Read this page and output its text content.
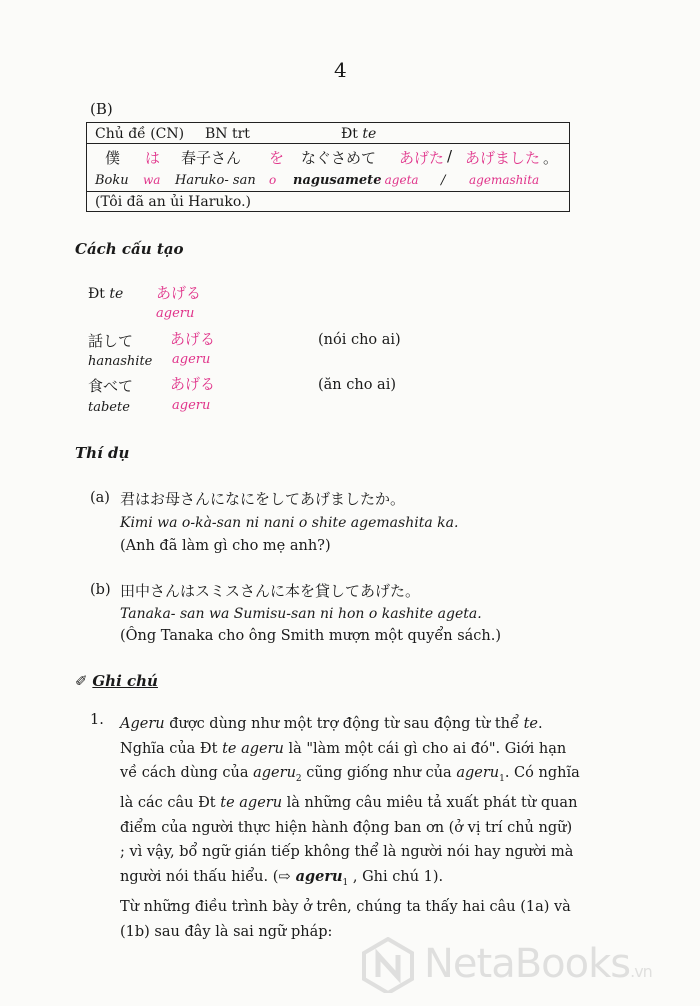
4
(B)
Chủ đề (CN) BN trt	Đt te
僕 は 春子さん を なぐさめて あげた / あげました 。
Boku wa Haruko- san o nagusamete
· ageta / agemashita
(Tôi đã an ủi Haruko.)
Cách cấu tạo
Đt te あげる
ageru
話して あげる	(nói cho ai)
hanashite ageru
食べて あげる	(ăn cho ai)
tabete	ageru
Thí dụ
(a) 君はお母さんになにをしてあげましたか。
Kimi wa o-kà-san ni nani o shite agemashita ka.
(Anh đã làm gì cho mẹ anh?)
(b) 田中さんはスミスさんに本を貸してあげた。
Tanaka- san wa Sumisu-san ni hon o kashite ageta.
(Ông Tanaka cho ông Smith mượn một quyển sách.)
✐ Ghi chú
1. Ageru được dùng như một trợ động từ sau động từ thể te. Nghĩa của Đt te ageru là "làm một cái gì cho ai đó". Giới hạn về cách dùng của ageru$_2$ cũng giống như của ageru$_1$. Có nghĩa là các câu Đt te ageru là những câu miêu tả xuất phát từ quan điểm của người thực hiện hành động ban ơn (ở vị trí chủ ngữ) ; vì vậy, bổ ngữ gián tiếp không thể là người nói hay người mà người nói thấu hiểu. (⇨ ageru$_1$ , Ghi chú 1).
Từ những điều trình bày ở trên, chúng ta thấy hai câu (1a) và (1b) sau đây là sai ngữ pháp:
NetaBooks.vn
